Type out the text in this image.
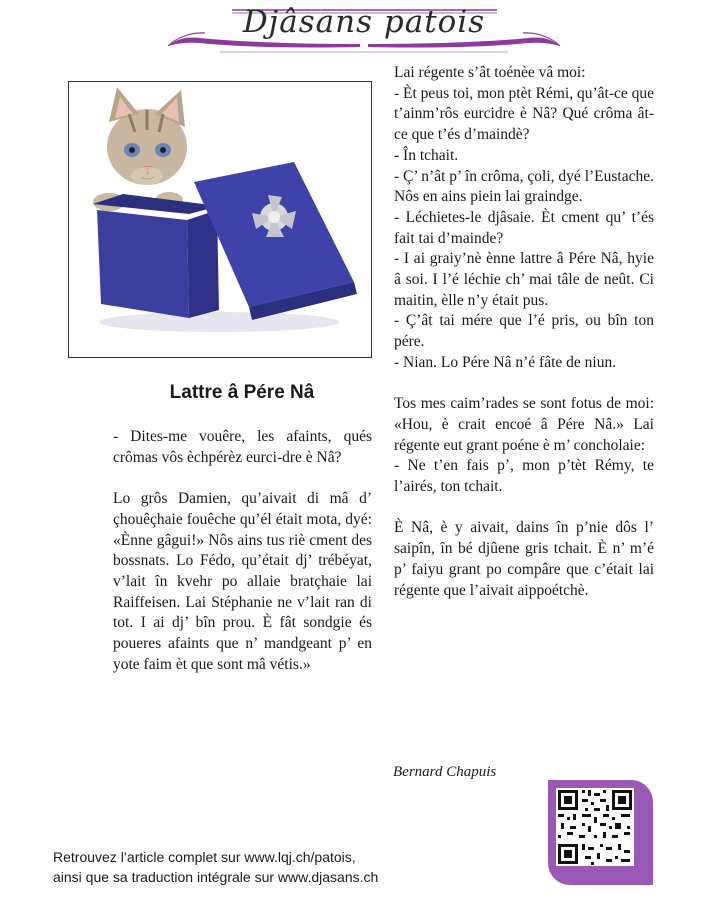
Djâsans patois
Lattre â Pére Nâ

- Dites-me vouêre, les afaints, qués crômas vôs èchpérèz eurci-dre è Nâ?

Lo grôs Damien, qu’aivait di mâ d’ çhouêçhaie fouêche qu’él était mota, dyé: «Ènne gâgui!» Nôs ains tus riè cment des bossnats. Lo Fédo, qu’était dj’ trébéyat, v’lait în kvehr po allaie bratçhaie lai Raiffeisen. Lai Stéphanie ne v’lait ran di tot. I ai dj’ bîn prou. È fât sondgie és poueres afaints que n’ mandgeant p’ en yote faim èt que sont mâ vétis.»

Lai régente s’ât toénèe vâ moi:
- Èt peus toi, mon ptèt Rémi, qu’ât-ce que t’ainm’rôs eurcidre è Nâ? Qué crôma ât-ce que t’és d’maindè?
- În tchait.
- Ç’ n’ât p’ în crôma, çoli, dyé l’Eustache. Nôs en ains piein lai graindge.
- Léchietes-le djâsaie. Èt cment qu’ t’és fait tai d’mainde?
- I ai graiy’nè ènne lattre â Pére Nâ, hyie â soi. I l’é léchie ch’ mai tâle de neût. Ci maitin, èlle n’y était pus.
- Ç’ât tai mére que l’é pris, ou bîn ton pére.
- Nian. Lo Pére Nâ n’é fâte de niun.

Tos mes caim’rades se sont fotus de moi: «Hou, è crait encoé â Pére Nâ.» Lai régente eut grant poéne è m’ concholaie:
- Ne t’en fais p’, mon p’tèt Rémy, te l’airés, ton tchait.

È Nâ, è y aivait, dains în p’nie dôs l’ saipîn, în bé djûene gris tchait. È n’ m’é p’ faiyu grant po compâre que c’était lai régente que l’aivait aippoétchè.

Bernard Chapuis
Retrouvez l’article complet sur www.lqj.ch/patois,
ainsi que sa traduction intégrale sur www.djasans.ch
